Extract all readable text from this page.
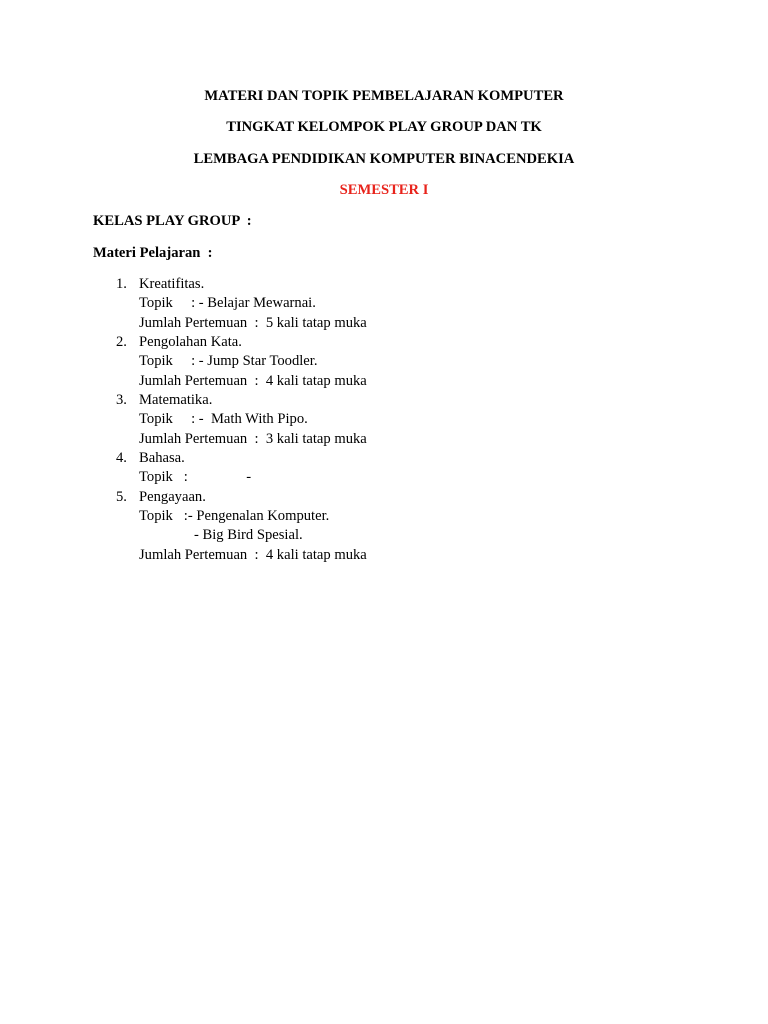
MATERI DAN TOPIK PEMBELAJARAN KOMPUTER

TINGKAT KELOMPOK PLAY GROUP DAN TK

LEMBAGA PENDIDIKAN KOMPUTER BINACENDEKIA

SEMESTER I

KELAS PLAY GROUP  :

Materi Pelajaran  :

1. Kreatifitas.

Topik     : - Belajar Mewarnai.

Jumlah Pertemuan  :  5 kali tatap muka

2. Pengolahan Kata.

Topik     : - Jump Star Toodler.

Jumlah Pertemuan  :  4 kali tatap muka

3. Matematika.

Topik     : -  Math With Pipo.

Jumlah Pertemuan  :  3 kali tatap muka

4. Bahasa.

Topik   :                -

5. Pengayaan.

Topik   :- Pengenalan Komputer.

- Big Bird Spesial.

Jumlah Pertemuan  :  4 kali tatap muka
